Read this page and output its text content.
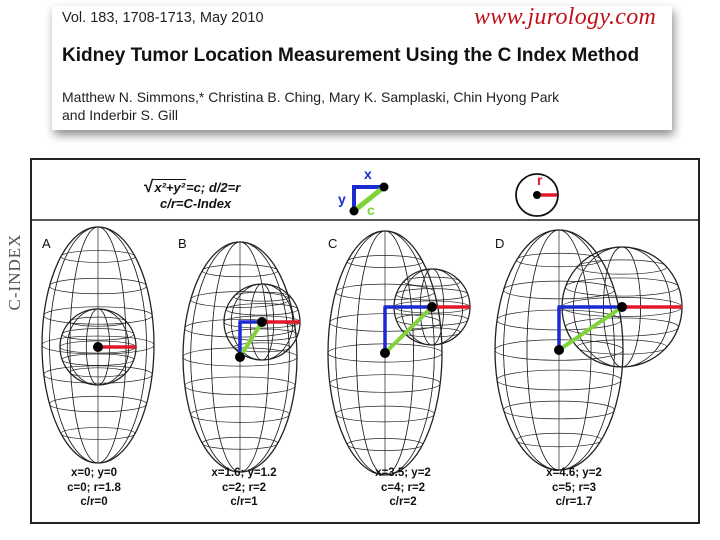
Vol. 183, 1708-1713, May 2010	www.jurology.com
Kidney Tumor Location Measurement Using the C Index Method
Matthew N. Simmons,* Christina B. Ching, Mary K. Samplaski, Chin Hyong Park
and Inderbir S. Gill
C-INDEX
x
y
c
r
√x²+y²=c; d/2=r
c/r=C-Index
A	B	C	D
x=0; y=0
c=0; r=1.8
c/r=0
x=1.6; y=1.2
c=2; r=2
c/r=1
x=3.5; y=2
c=4; r=2
c/r=2
x=4.6; y=2
c=5; r=3
c/r=1.7
